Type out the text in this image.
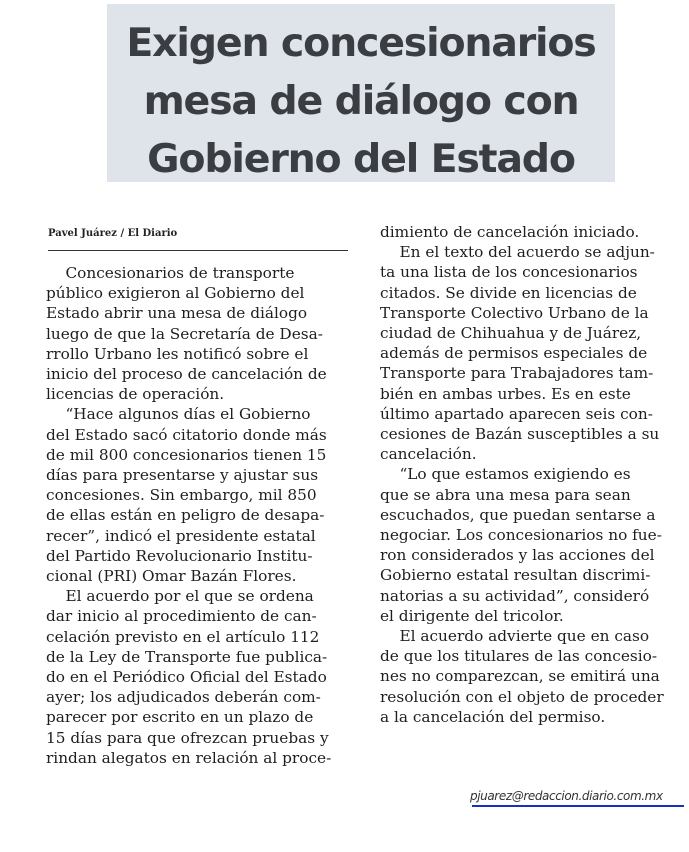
Exigen concesionarios
mesa de diálogo con
Gobierno del Estado
Pavel Juárez / El Diario
Concesionarios de transporte
público exigieron al Gobierno del
Estado abrir una mesa de diálogo
luego de que la Secretaría de Desa-
rrollo Urbano les notificó sobre el
inicio del proceso de cancelación de
licencias de operación.
“Hace algunos días el Gobierno
del Estado sacó citatorio donde más
de mil 800 concesionarios tienen 15
días para presentarse y ajustar sus
concesiones. Sin embargo, mil 850
de ellas están en peligro de desapa-
recer”, indicó el presidente estatal
del Partido Revolucionario Institu-
cional (PRI) Omar Bazán Flores.
El acuerdo por el que se ordena
dar inicio al procedimiento de can-
celación previsto en el artículo 112
de la Ley de Transporte fue publica-
do en el Periódico Oficial del Estado
ayer; los adjudicados deberán com-
parecer por escrito en un plazo de
15 días para que ofrezcan pruebas y
rindan alegatos en relación al proce-
dimiento de cancelación iniciado.
En el texto del acuerdo se adjun-
ta una lista de los concesionarios
citados. Se divide en licencias de
Transporte Colectivo Urbano de la
ciudad de Chihuahua y de Juárez,
además de permisos especiales de
Transporte para Trabajadores tam-
bién en ambas urbes. Es en este
último apartado aparecen seis con-
cesiones de Bazán susceptibles a su
cancelación.
“Lo que estamos exigiendo es
que se abra una mesa para sean
escuchados, que puedan sentarse a
negociar. Los concesionarios no fue-
ron considerados y las acciones del
Gobierno estatal resultan discrimi-
natorias a su actividad”, consideró
el dirigente del tricolor.
El acuerdo advierte que en caso
de que los titulares de las concesio-
nes no comparezcan, se emitirá una
resolución con el objeto de proceder
a la cancelación del permiso.
pjuarez@redaccion.diario.com.mx
